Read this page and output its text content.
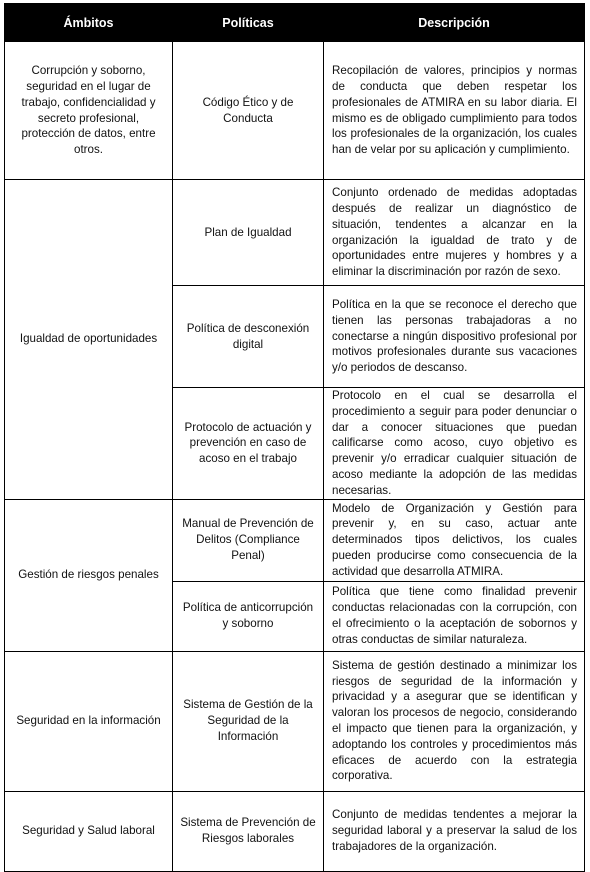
Ámbitos	Políticas	Descripción
Corrupción y soborno, seguridad en el lugar de trabajo, confidencialidad y secreto profesional, protección de datos, entre otros.	Código Ético y de Conducta	Recopilación de valores, principios y normas de conducta que deben respetar los profesionales de ATMIRA en su labor diaria. El mismo es de obligado cumplimiento para todos los profesionales de la organización, los cuales han de velar por su aplicación y cumplimiento.
Igualdad de oportunidades	Plan de Igualdad	Conjunto ordenado de medidas adoptadas después de realizar un diagnóstico de situación, tendentes a alcanzar en la organización la igualdad de trato y de oportunidades entre mujeres y hombres y a eliminar la discriminación por razón de sexo.
	Política de desconexión digital	Política en la que se reconoce el derecho que tienen las personas trabajadoras a no conectarse a ningún dispositivo profesional por motivos profesionales durante sus vacaciones y/o periodos de descanso.
	Protocolo de actuación y prevención en caso de acoso en el trabajo	Protocolo en el cual se desarrolla el procedimiento a seguir para poder denunciar o dar a conocer situaciones que puedan calificarse como acoso, cuyo objetivo es prevenir y/o erradicar cualquier situación de acoso mediante la adopción de las medidas necesarias.
Gestión de riesgos penales	Manual de Prevención de Delitos (Compliance Penal)	Modelo de Organización y Gestión para prevenir y, en su caso, actuar ante determinados tipos delictivos, los cuales pueden producirse como consecuencia de la actividad que desarrolla ATMIRA.
	Política de anticorrupción y soborno	Política que tiene como finalidad prevenir conductas relacionadas con la corrupción, con el ofrecimiento o la aceptación de sobornos y otras conductas de similar naturaleza.
Seguridad en la información	Sistema de Gestión de la Seguridad de la Información	Sistema de gestión destinado a minimizar los riesgos de seguridad de la información y privacidad y a asegurar que se identifican y valoran los procesos de negocio, considerando el impacto que tienen para la organización, y adoptando los controles y procedimientos más eficaces de acuerdo con la estrategia corporativa.
Seguridad y Salud laboral	Sistema de Prevención de Riesgos laborales	Conjunto de medidas tendentes a mejorar la seguridad laboral y a preservar la salud de los trabajadores de la organización.
